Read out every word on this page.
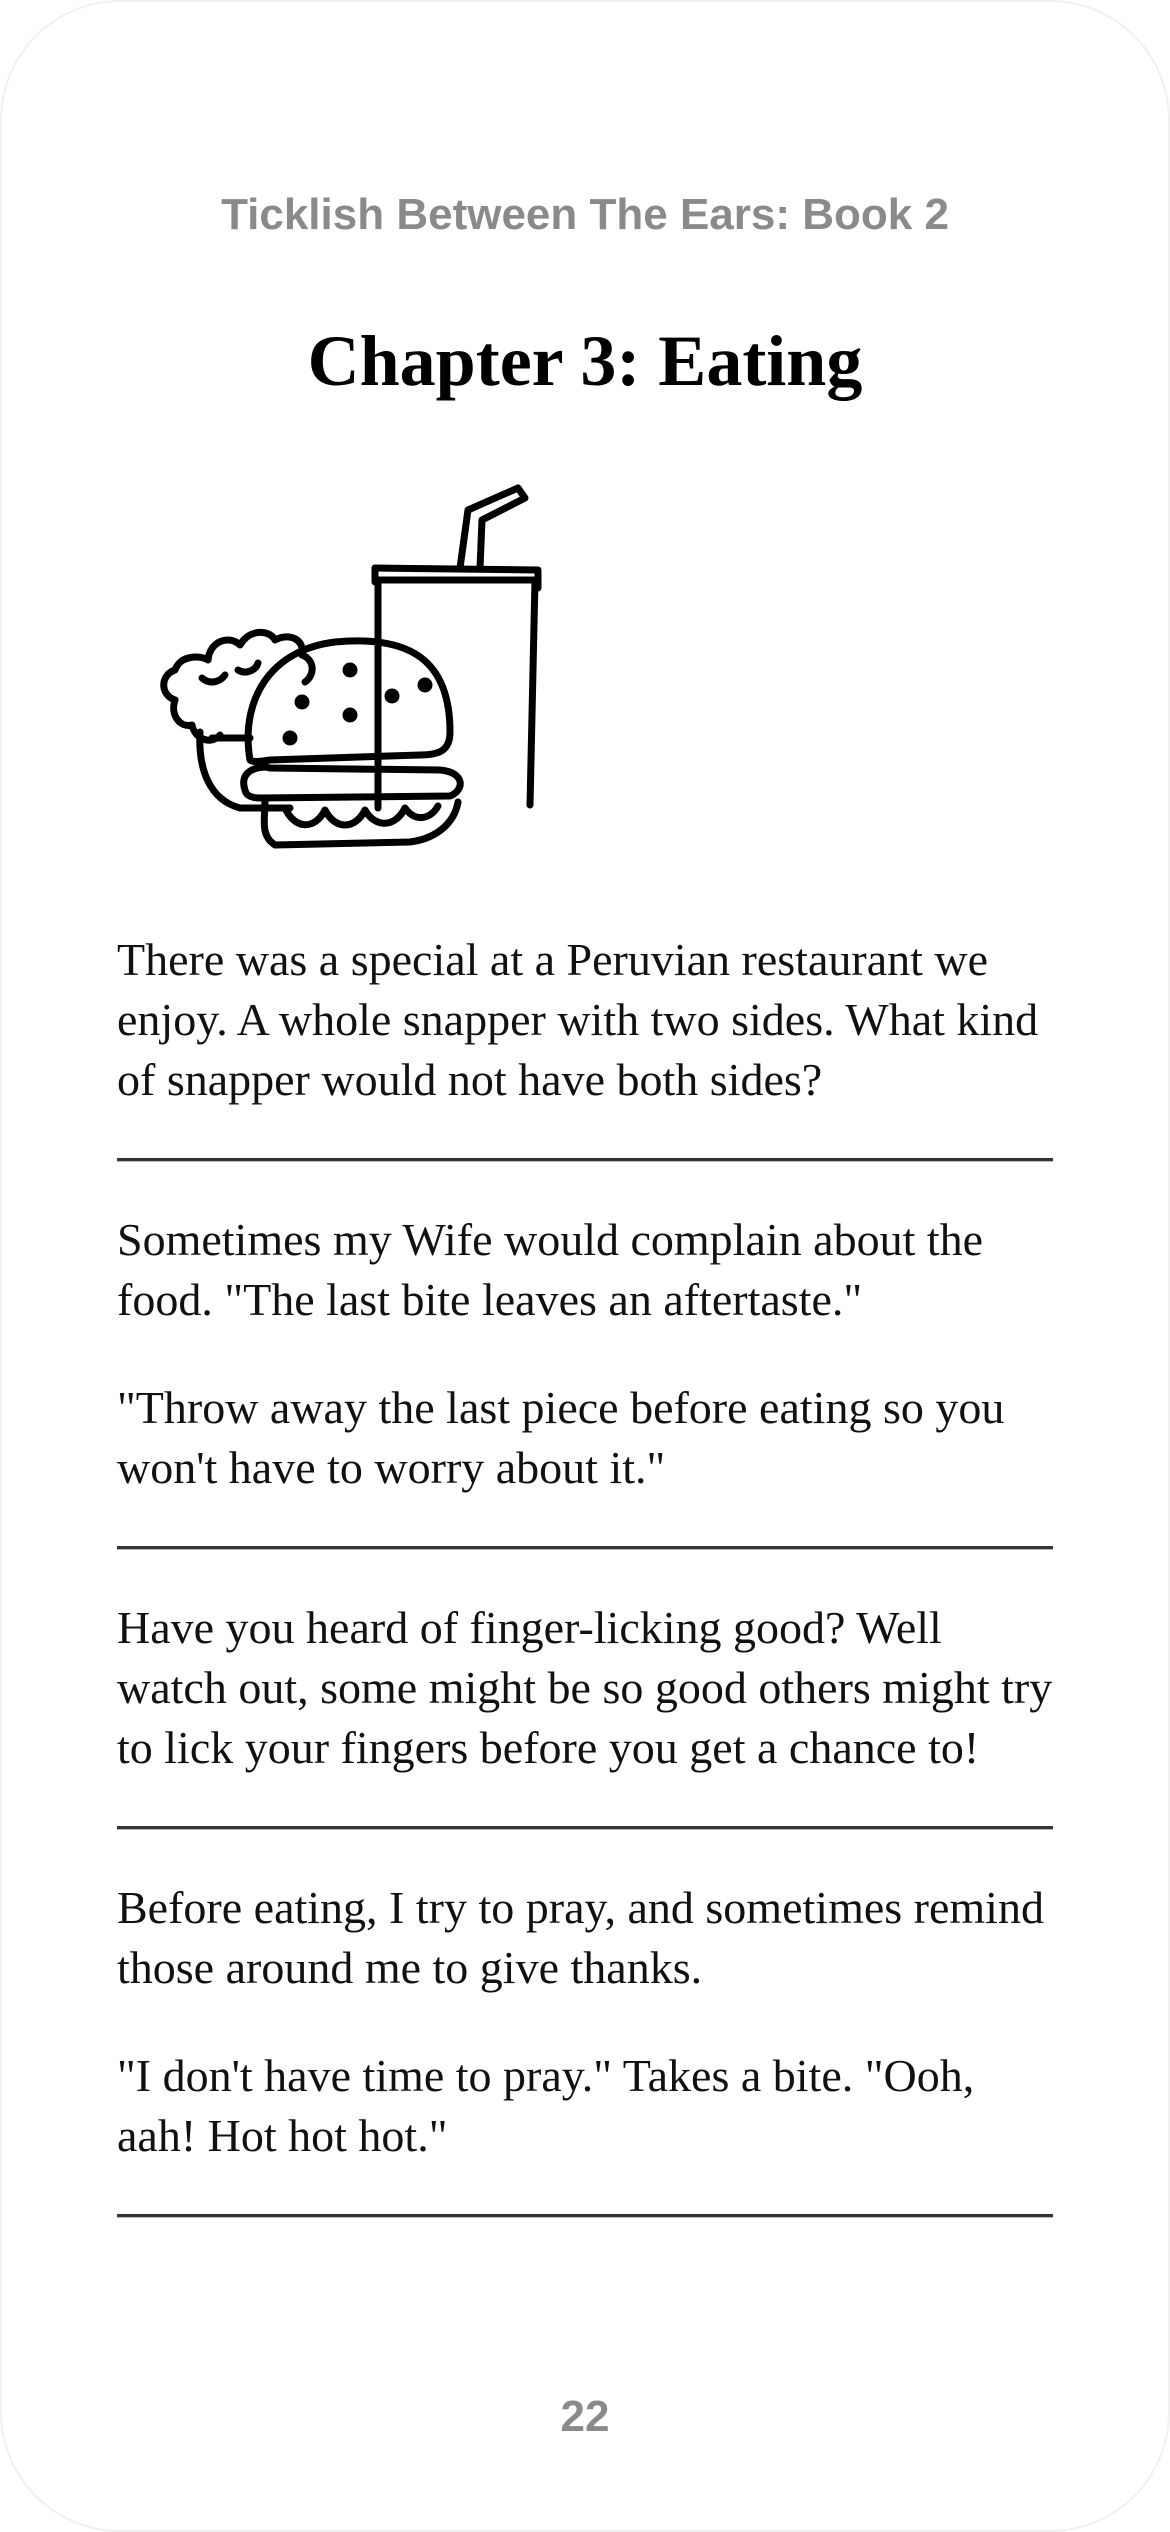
Ticklish Between The Ears: Book 2
Chapter 3: Eating

There was a special at a Peruvian restaurant we enjoy. A whole snapper with two sides. What kind of snapper would not have both sides?

Sometimes my Wife would complain about the food. "The last bite leaves an aftertaste."

"Throw away the last piece before eating so you won't have to worry about it."

Have you heard of finger-licking good? Well watch out, some might be so good others might try to lick your fingers before you get a chance to!

Before eating, I try to pray, and sometimes remind those around me to give thanks.

"I don't have time to pray." Takes a bite. "Ooh, aah! Hot hot hot."

22
